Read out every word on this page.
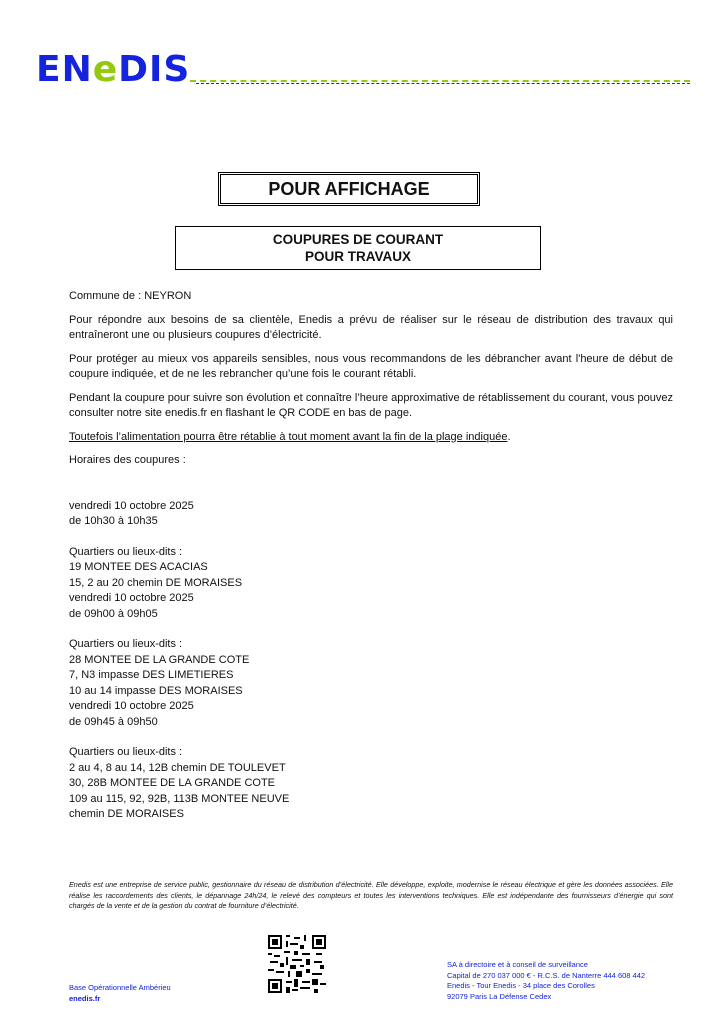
ENeDIS
POUR AFFICHAGE
COUPURES DE COURANT
POUR TRAVAUX

Commune de : NEYRON

Pour répondre aux besoins de sa clientèle, Enedis a prévu de réaliser sur le réseau de distribution des travaux qui entraîneront une ou plusieurs coupures d’électricité.

Pour protéger au mieux vos appareils sensibles, nous vous recommandons de les débrancher avant l'heure de début de coupure indiquée, et de ne les rebrancher qu’une fois le courant rétabli.

Pendant la coupure pour suivre son évolution et connaître l’heure approximative de rétablissement du courant, vous pouvez consulter notre site enedis.fr en flashant le QR CODE en bas de page.

Toutefois l’alimentation pourra être rétablie à tout moment avant la fin de la plage indiquée.

Horaires des coupures :

vendredi 10 octobre 2025
de 10h30 à 10h35
Quartiers ou lieux-dits :
19 MONTEE DES ACACIAS
15, 2 au 20 chemin DE MORAISES
vendredi 10 octobre 2025
de 09h00 à 09h05
Quartiers ou lieux-dits :
28 MONTEE DE LA GRANDE COTE
7, N3 impasse DES LIMETIERES
10 au 14 impasse DES MORAISES
vendredi 10 octobre 2025
de 09h45 à 09h50
Quartiers ou lieux-dits :
2 au 4, 8 au 14, 12B chemin DE TOULEVET
30, 28B MONTEE DE LA GRANDE COTE
109 au 115, 92, 92B, 113B MONTEE NEUVE
chemin DE MORAISES
Enedis est une entreprise de service public, gestionnaire du réseau de distribution d’électricité. Elle développe, exploite, modernise le réseau électrique et gère les données associées. Elle réalise les raccordements des clients, le dépannage 24h/24, le relevé des compteurs et toutes les interventions techniques. Elle est indépendante des fournisseurs d’énergie qui sont chargés de la vente et de la gestion du contrat de fourniture d’électricité.
Base Opérationnelle Ambérieu
enedis.fr
SA à directoire et à conseil de surveillance
Capital de 270 037 000 € - R.C.S. de Nanterre 444 608 442
Enedis - Tour Enedis - 34 place des Corolles
92079 Paris La Défense Cedex
